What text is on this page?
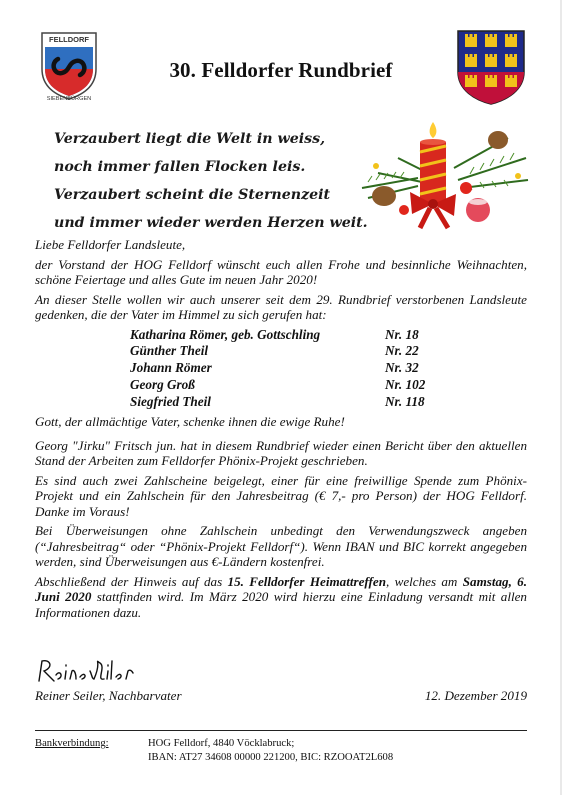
FELLDORF
SIEBENBÜRGEN
30. Felldorfer Rundbrief
Verzaubert liegt die Welt in weiss,
noch immer fallen Flocken leis.
Verzaubert scheint die Sternenzeit
und immer wieder werden Herzen weit.

Liebe Felldorfer Landsleute,

der Vorstand der HOG Felldorf wünscht euch allen Frohe und besinnliche Weihnachten, schöne Feiertage und alles Gute im neuen Jahr 2020!

An dieser Stelle wollen wir auch unserer seit dem 29. Rundbrief verstorbenen Landsleute gedenken, die der Vater im Himmel zu sich gerufen hat:

Katharina Römer, geb. Gottschling	Nr. 18
Günther Theil	Nr. 22
Johann Römer	Nr. 32
Georg Groß	Nr. 102
Siegfried Theil	Nr. 118

Gott, der allmächtige Vater, schenke ihnen die ewige Ruhe!

Georg "Jirku" Fritsch jun. hat in diesem Rundbrief wieder einen Bericht über den aktuellen Stand der Arbeiten zum Felldorfer Phönix-Projekt geschrieben.

Es sind auch zwei Zahlscheine beigelegt, einer für eine freiwillige Spende zum Phönix-Projekt und ein Zahlschein für den Jahresbeitrag (€ 7,- pro Person) der HOG Felldorf. Danke im Voraus!

Bei Überweisungen ohne Zahlschein unbedingt den Verwendungszweck angeben (“Jahresbeitrag“ oder “Phönix-Projekt Felldorf“). Wenn IBAN und BIC korrekt angegeben werden, sind Überweisungen aus €-Ländern kostenfrei.

Abschließend der Hinweis auf das 15. Felldorfer Heimattreffen, welches am Samstag, 6. Juni 2020 stattfinden wird. Im März 2020 wird hierzu eine Einladung versandt mit allen Informationen dazu.

Reiner Seiler, Nachbarvater	12. Dezember 2019
Bankverbindung:	HOG Felldorf, 4840 Vöcklabruck;
IBAN: AT27 34608 00000 221200, BIC: RZOOAT2L608
